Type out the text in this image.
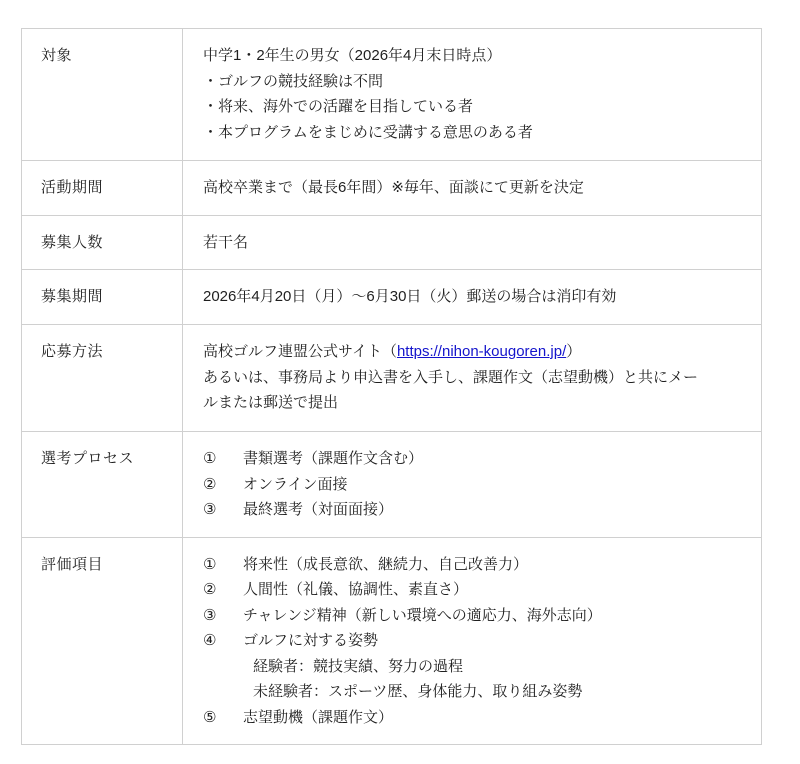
対象	中学1・2年生の男女（2026年4月末日時点）
・ゴルフの競技経験は不問
・将来、海外での活躍を目指している者
・本プログラムをまじめに受講する意思のある者

活動期間	高校卒業まで（最長6年間）※毎年、面談にて更新を決定

募集人数	若干名

募集期間	2026年4月20日（月）～6月30日（火）郵送の場合は消印有効

応募方法	高校ゴルフ連盟公式サイト（https://nihon-kougoren.jp/）
あるいは、事務局より申込書を入手し、課題作文（志望動機）と共にメー
ルまたは郵送で提出

選考プロセス	①	書類選考（課題作文含む）
②	オンライン面接
③	最終選考（対面面接）

評価項目	①	将来性（成長意欲、継続力、自己改善力）
②	人間性（礼儀、協調性、素直さ）
③	チャレンジ精神（新しい環境への適応力、海外志向）
④	ゴルフに対する姿勢
経験者：競技実績、努力の過程
未経験者：スポーツ歴、身体能力、取り組み姿勢
⑤	志望動機（課題作文）
